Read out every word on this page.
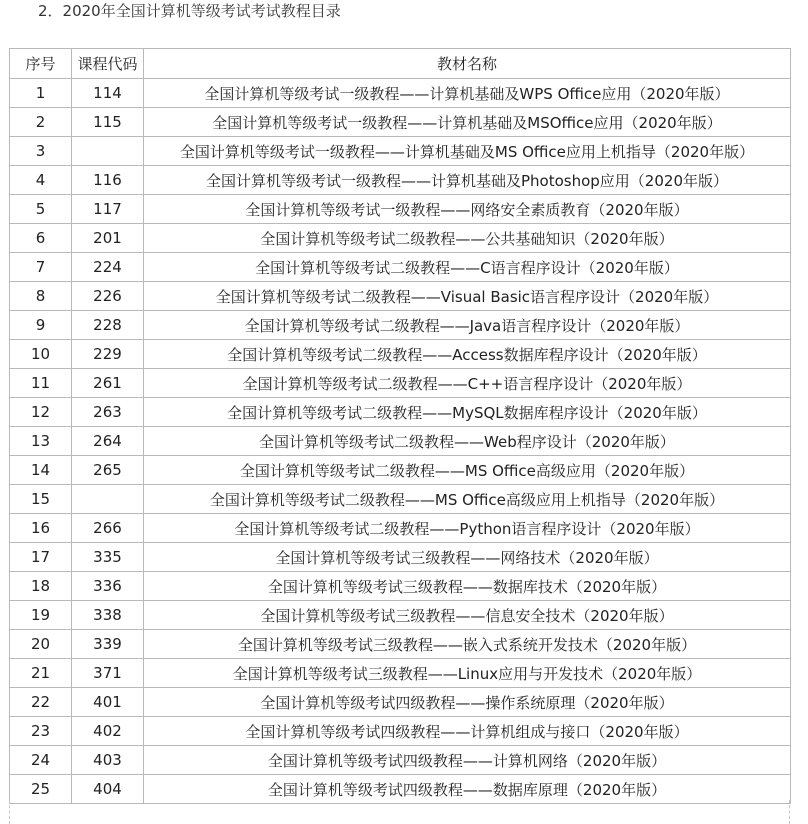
2．2020年全国计算机等级考试考试教程目录
序号	课程代码	教材名称
1	114	全国计算机等级考试一级教程——计算机基础及WPS Office应用（2020年版）
2	115	全国计算机等级考试一级教程——计算机基础及MSOffice应用（2020年版）
3		全国计算机等级考试一级教程——计算机基础及MS Office应用上机指导（2020年版）
4	116	全国计算机等级考试一级教程——计算机基础及Photoshop应用（2020年版）
5	117	全国计算机等级考试一级教程——网络安全素质教育（2020年版）
6	201	全国计算机等级考试二级教程——公共基础知识（2020年版）
7	224	全国计算机等级考试二级教程——C语言程序设计（2020年版）
8	226	全国计算机等级考试二级教程——Visual Basic语言程序设计（2020年版）
9	228	全国计算机等级考试二级教程——Java语言程序设计（2020年版）
10	229	全国计算机等级考试二级教程——Access数据库程序设计（2020年版）
11	261	全国计算机等级考试二级教程——C++语言程序设计（2020年版）
12	263	全国计算机等级考试二级教程——MySQL数据库程序设计（2020年版）
13	264	全国计算机等级考试二级教程——Web程序设计（2020年版）
14	265	全国计算机等级考试二级教程——MS Office高级应用（2020年版）
15		全国计算机等级考试二级教程——MS Office高级应用上机指导（2020年版）
16	266	全国计算机等级考试二级教程——Python语言程序设计（2020年版）
17	335	全国计算机等级考试三级教程——网络技术（2020年版）
18	336	全国计算机等级考试三级教程——数据库技术（2020年版）
19	338	全国计算机等级考试三级教程——信息安全技术（2020年版）
20	339	全国计算机等级考试三级教程——嵌入式系统开发技术（2020年版）
21	371	全国计算机等级考试三级教程——Linux应用与开发技术（2020年版）
22	401	全国计算机等级考试四级教程——操作系统原理（2020年版）
23	402	全国计算机等级考试四级教程——计算机组成与接口（2020年版）
24	403	全国计算机等级考试四级教程——计算机网络（2020年版）
25	404	全国计算机等级考试四级教程——数据库原理（2020年版）
